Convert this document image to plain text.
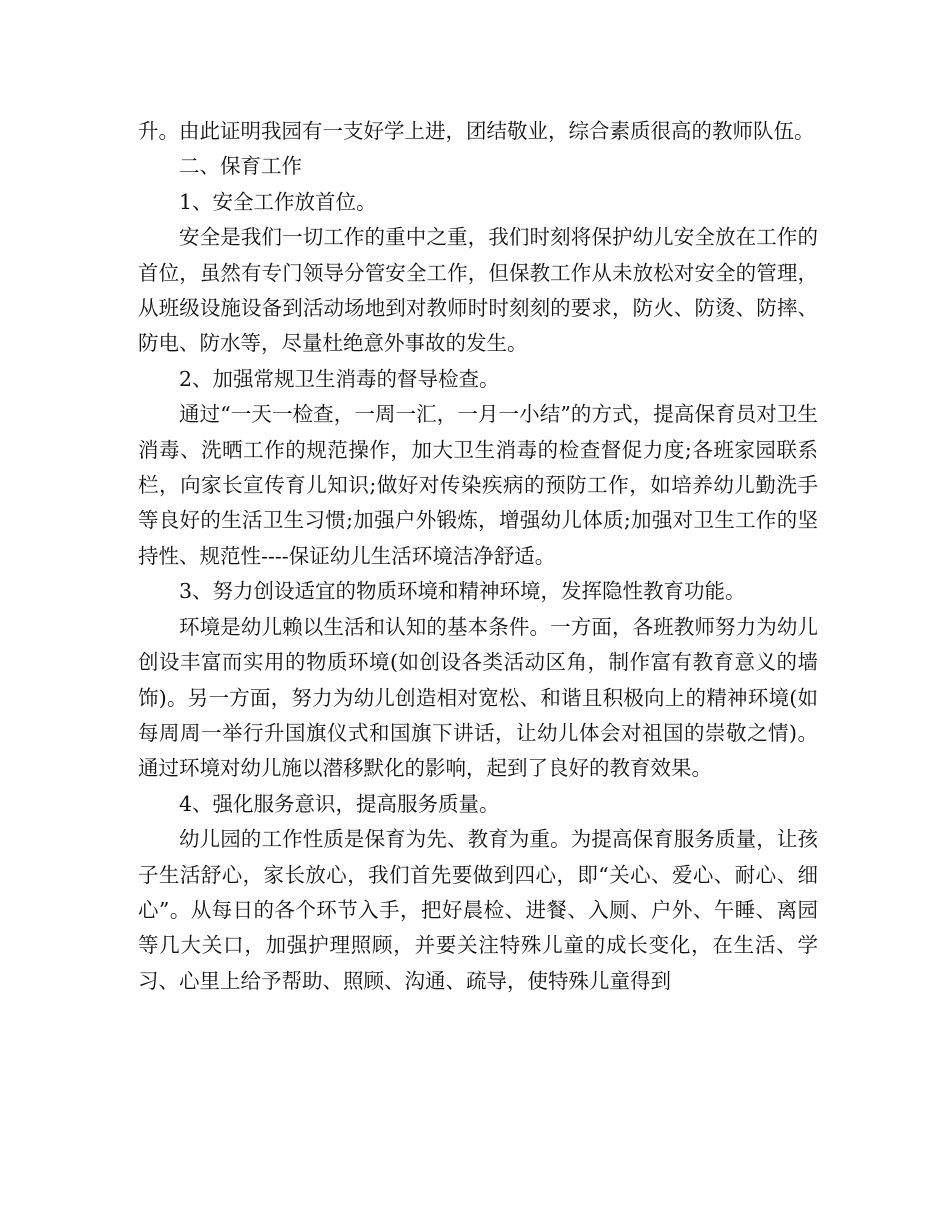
升。由此证明我园有一支好学上进，团结敬业，综合素质很高的教师队伍。

二、保育工作

1、安全工作放首位。

安全是我们一切工作的重中之重，我们时刻将保护幼儿安全放在工作的首位，虽然有专门领导分管安全工作，但保教工作从未放松对安全的管理，从班级设施设备到活动场地到对教师时时刻刻的要求，防火、防烫、防摔、防电、防水等，尽量杜绝意外事故的发生。

2、加强常规卫生消毒的督导检查。

通过“一天一检查，一周一汇，一月一小结”的方式，提高保育员对卫生消毒、洗晒工作的规范操作，加大卫生消毒的检查督促力度;各班家园联系栏，向家长宣传育儿知识;做好对传染疾病的预防工作，如培养幼儿勤洗手等良好的生活卫生习惯;加强户外锻炼，增强幼儿体质;加强对卫生工作的坚持性、规范性----保证幼儿生活环境洁净舒适。

3、努力创设适宜的物质环境和精神环境，发挥隐性教育功能。

环境是幼儿赖以生活和认知的基本条件。一方面，各班教师努力为幼儿创设丰富而实用的物质环境(如创设各类活动区角，制作富有教育意义的墙饰)。另一方面，努力为幼儿创造相对宽松、和谐且积极向上的精神环境(如每周周一举行升国旗仪式和国旗下讲话，让幼儿体会对祖国的崇敬之情)。通过环境对幼儿施以潜移默化的影响，起到了良好的教育效果。

4、强化服务意识，提高服务质量。

幼儿园的工作性质是保育为先、教育为重。为提高保育服务质量，让孩子生活舒心，家长放心，我们首先要做到四心，即“关心、爱心、耐心、细心”。从每日的各个环节入手，把好晨检、进餐、入厕、户外、午睡、离园等几大关口，加强护理照顾，并要关注特殊儿童的成长变化，在生活、学习、心里上给予帮助、照顾、沟通、疏导，使特殊儿童得到
